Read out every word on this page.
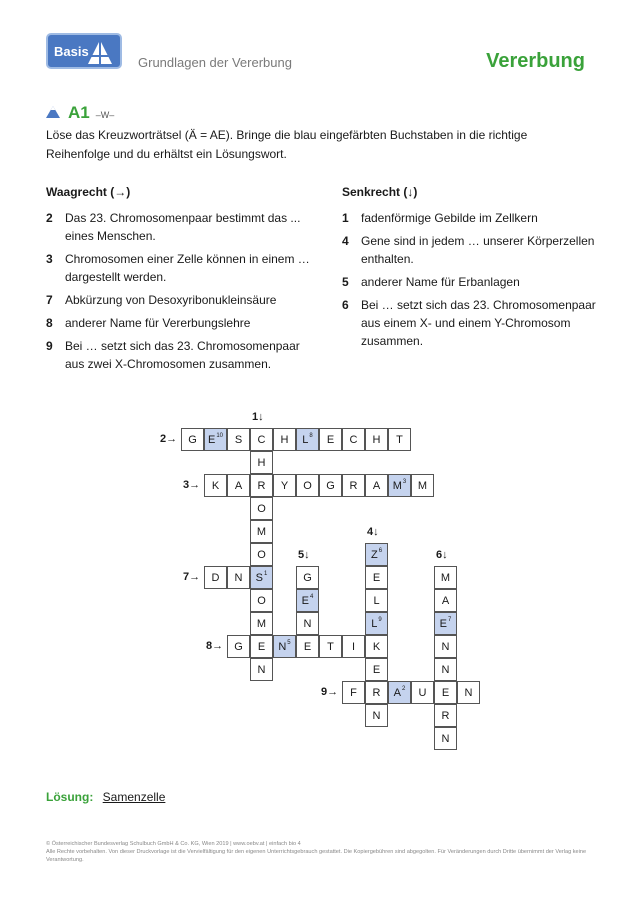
Basis
Grundlagen der Vererbung	Vererbung
A1 –W–
Löse das Kreuzworträtsel (Ä = AE). Bringe die blau eingefärbten Buchstaben in die richtige Reihenfolge und du erhältst ein Lösungswort.
Waagrecht (→)
2	Das 23. Chromosomenpaar bestimmt das ... eines Menschen.
3	Chromosomen einer Zelle können in einem … dargestellt werden.
7	Abkürzung von Desoxyribonukleinsäure
8	anderer Name für Vererbungslehre
9	Bei … setzt sich das 23. Chromosomenpaar aus zwei X-Chromosomen zusammen.
Senkrecht (↓)
1	fadenförmige Gebilde im Zellkern
4	Gene sind in jedem … unserer Körperzellen enthalten.
5	anderer Name für Erbanlagen
6	Bei … setzt sich das 23. Chromosomenpaar aus einem X- und einem Y-Chromosom zusammen.
G $E^{10}$ S C H $L^8$ E C H T
H
K A R Y O G R A $M^3$ M
O
M
O	$Z^6$
D N $S^1$	G	E	M
O	$E^4$	L	A
M	N	$L^9$	$E^7$
G E $N^5$ E T I K	N
N	E	N
F R $A^2$ U E N
N	R
N
1↓
2→
3→
4↓
5↓	6↓
7→
8→
9→
Lösung: Samenzelle
© Österreichischer Bundesverlag Schulbuch GmbH & Co. KG, Wien 2019 | www.oebv.at | einfach bio 4
Alle Rechte vorbehalten. Von dieser Druckvorlage ist die Vervielfältigung für den eigenen Unterrichtsgebrauch gestattet. Die Kopiergebühren sind abgegolten. Für Veränderungen durch Dritte übernimmt der Verlag keine Verantwortung.
